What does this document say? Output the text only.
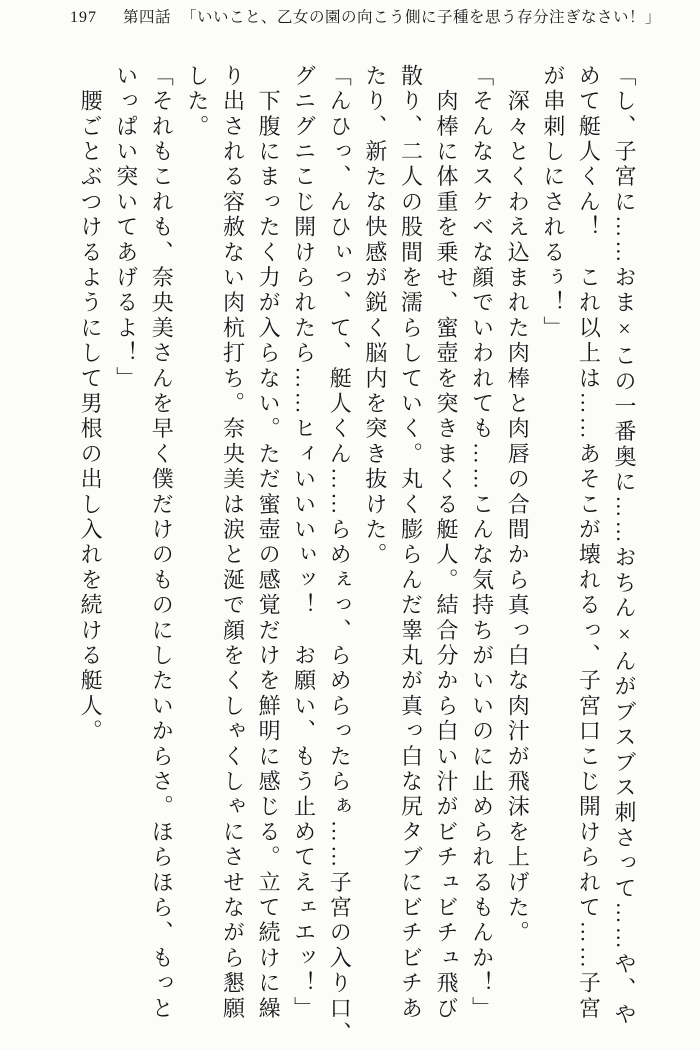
197 第四話 「いいこと、乙女の園の向こう側に子種を思う存分注ぎなさい！」

「し、子宮に……おま×この一番奥に……おちん×んがブスブス刺さって……や、や

めて艇人くん！　これ以上は……あそこが壊れるっ、子宮口こじ開けられて……子宮

が串刺しにされるぅ！」

　深々とくわえ込まれた肉棒と肉唇の合間から真っ白な肉汁が飛沫を上げた。

「そんなスケベな顔でいわれても……こんな気持ちがいいのに止められるもんか！」

　肉棒に体重を乗せ、蜜壺を突きまくる艇人。結合分から白い汁がビチュビチュ飛び

散り、二人の股間を濡らしていく。丸く膨らんだ睾丸が真っ白な尻タブにビチビチあ

たり、新たな快感が鋭く脳内を突き抜けた。

「んひっ、んひぃっ、て、艇人くん……らめぇっ、らめらったらぁ……子宮の入り口、

グニグニこじ開けられたら……ヒィいいいぃッ！　お願い、もう止めてえェエッ！」

　下腹にまったく力が入らない。ただ蜜壺の感覚だけを鮮明に感じる。立て続けに繰

り出される容赦ない肉杭打ち。奈央美は涙と涎で顔をくしゃくしゃにさせながら懇願

した。

「それもこれも、奈央美さんを早く僕だけのものにしたいからさ。ほらほら、もっと

いっぱい突いてあげるよ！」

　腰ごとぶつけるようにして男根の出し入れを続ける艇人。
